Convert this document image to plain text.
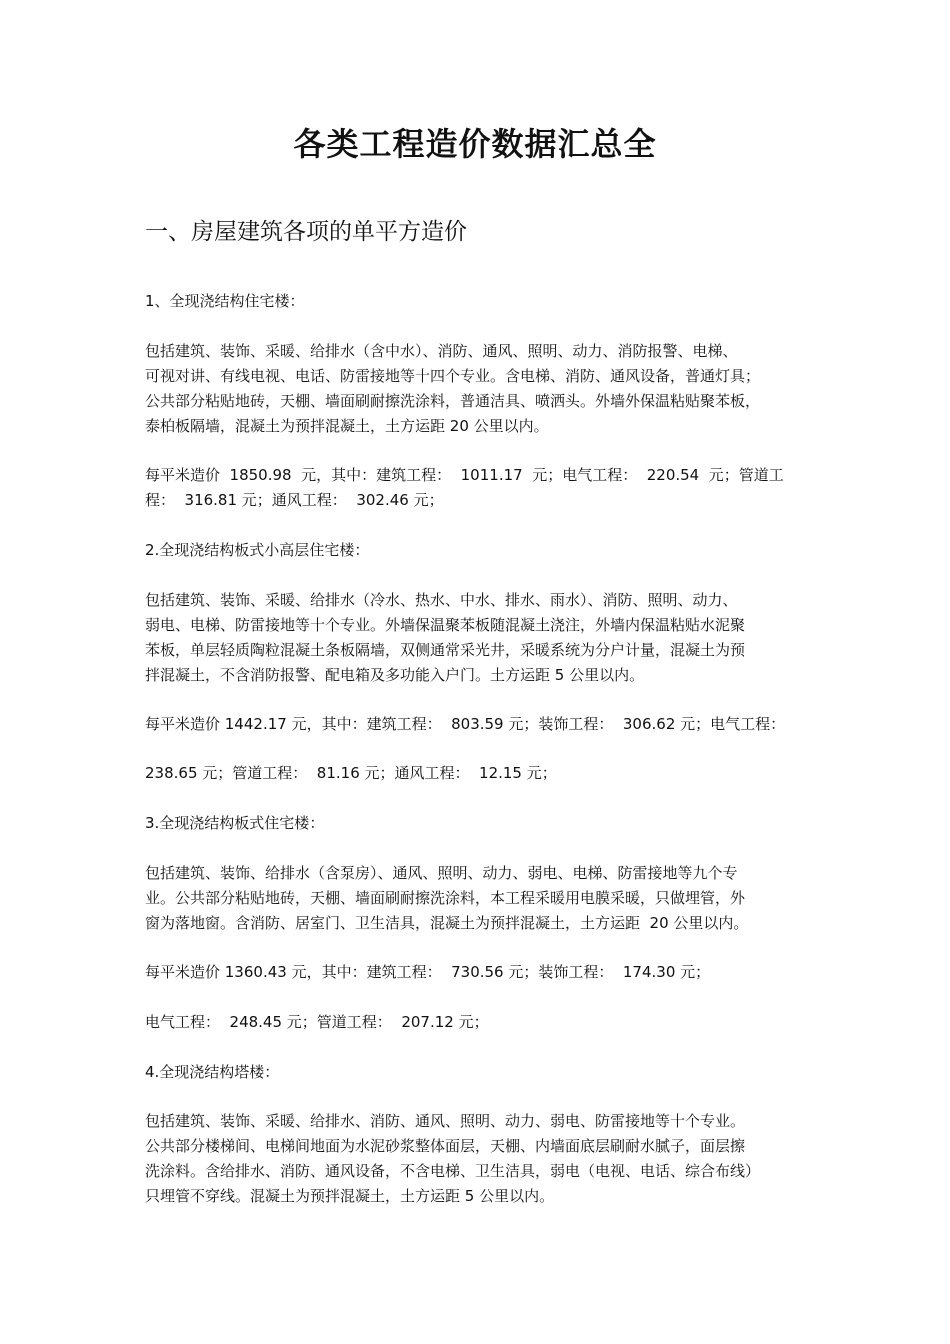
各类工程造价数据汇总全
一、房屋建筑各项的单平方造价

1、全现浇结构住宅楼：

包括建筑、装饰、采暖、给排水（含中水）、消防、通风、照明、动力、消防报警、电梯、
可视对讲、有线电视、电话、防雷接地等十四个专业。含电梯、消防、通风设备，普通灯具；
公共部分粘贴地砖，天棚、墙面刷耐擦洗涂料，普通洁具、喷洒头。外墙外保温粘贴聚苯板，
泰柏板隔墙，混凝土为预拌混凝土，土方运距 20 公里以内。

每平米造价  1850.98  元，其中：建筑工程：  1011.17  元；电气工程：  220.54  元；管道工
程：  316.81 元；通风工程：  302.46 元；

2.全现浇结构板式小高层住宅楼：

包括建筑、装饰、采暖、给排水（冷水、热水、中水、排水、雨水）、消防、照明、动力、
弱电、电梯、防雷接地等十个专业。外墙保温聚苯板随混凝土浇注，外墙内保温粘贴水泥聚
苯板，单层轻质陶粒混凝土条板隔墙，双侧通常采光井，采暖系统为分户计量，混凝土为预
拌混凝土，不含消防报警、配电箱及多功能入户门。土方运距 5 公里以内。

每平米造价 1442.17 元，其中：建筑工程：  803.59 元；装饰工程：  306.62 元；电气工程：

238.65 元；管道工程：  81.16 元；通风工程：  12.15 元；

3.全现浇结构板式住宅楼：

包括建筑、装饰、给排水（含泵房）、通风、照明、动力、弱电、电梯、防雷接地等九个专
业。公共部分粘贴地砖，天棚、墙面刷耐擦洗涂料，本工程采暖用电膜采暖，只做埋管，外
窗为落地窗。含消防、居室门、卫生洁具，混凝土为预拌混凝土，土方运距  20 公里以内。

每平米造价 1360.43 元，其中：建筑工程：  730.56 元；装饰工程：  174.30 元；

电气工程：  248.45 元；管道工程：  207.12 元；

4.全现浇结构塔楼：

包括建筑、装饰、采暖、给排水、消防、通风、照明、动力、弱电、防雷接地等十个专业。
公共部分楼梯间、电梯间地面为水泥砂浆整体面层，天棚、内墙面底层刷耐水腻子，面层擦
洗涂料。含给排水、消防、通风设备，不含电梯、卫生洁具，弱电（电视、电话、综合布线）
只埋管不穿线。混凝土为预拌混凝土，土方运距 5 公里以内。
